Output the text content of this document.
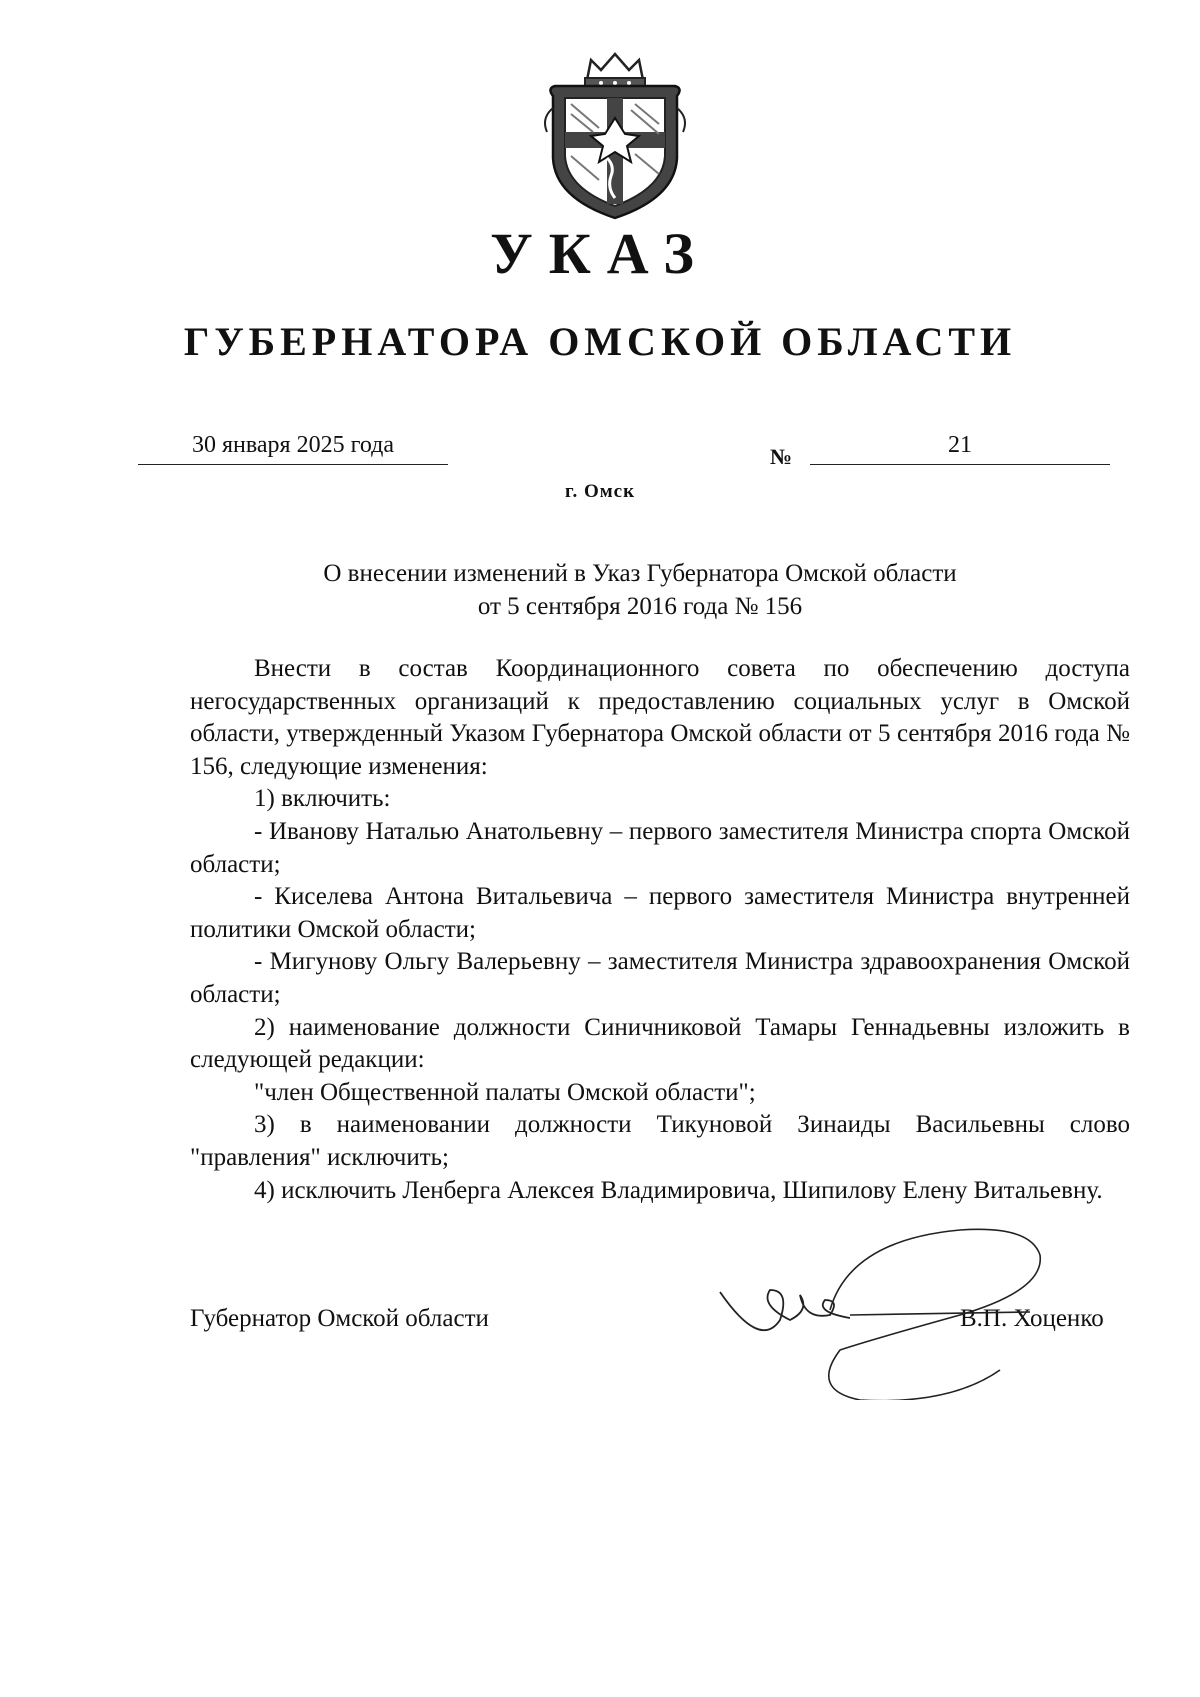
УКАЗ
ГУБЕРНАТОРА ОМСКОЙ ОБЛАСТИ
30 января 2025 года	№	21
г. Омск
О внесении изменений в Указ Губернатора Омской области
от 5 сентября 2016 года № 156

Внести в состав Координационного совета по обеспечению доступа негосударственных организаций к предоставлению социальных услуг в Омской области, утвержденный Указом Губернатора Омской области от 5 сентября 2016 года № 156, следующие изменения:

1) включить:

- Иванову Наталью Анатольевну – первого заместителя Министра спорта Омской области;

- Киселева Антона Витальевича – первого заместителя Министра внутренней политики Омской области;

- Мигунову Ольгу Валерьевну – заместителя Министра здравоохранения Омской области;

2) наименование должности Синичниковой Тамары Геннадьевны изложить в следующей редакции:

"член Общественной палаты Омской области";

3) в наименовании должности Тикуновой Зинаиды Васильевны слово "правления" исключить;

4) исключить Ленберга Алексея Владимировича, Шипилову Елену Витальевну.

Губернатор Омской области	В.П. Хоценко
